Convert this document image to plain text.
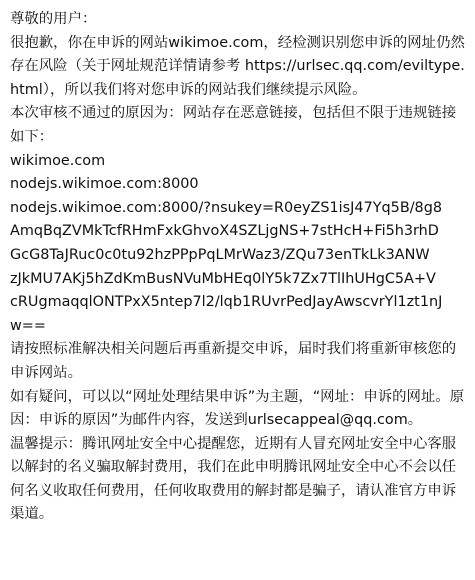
尊敬的用户：

很抱歉，你在申诉的网站wikimoe.com，经检测识别您申诉的网址仍然存在风险（关于网址规范详情请参考 https://urlsec.qq.com/eviltype.html），所以我们将对您申诉的网站我们继续提示风险。

本次审核不通过的原因为：网站存在恶意链接，包括但不限于违规链接如下：

wikimoe.com
nodejs.wikimoe.com:8000
nodejs.wikimoe.com:8000/?nsukey=R0eyZS1isJ47Yq5B/8g8
AmqBqZVMkTcfRHmFxkGhvoX4SZLjgNS+7stHcH+Fi5h3rhD
GcG8TaJRuc0c0tu92hzPPpPqLMrWaz3/ZQu73enTkLk3ANW
zJkMU7AKj5hZdKmBusNVuMbHEq0lY5k7Zx7TlIhUHgC5A+V
cRUgmaqqlONTPxX5ntep7l2/lqb1RUvrPedJayAwscvrYl1zt1nJ
w==

请按照标准解决相关问题后再重新提交申诉，届时我们将重新审核您的申诉网站。

如有疑问，可以以“网址处理结果申诉”为主题，“网址：申诉的网址。原因：申诉的原因”为邮件内容，发送到urlsecappeal@qq.com。

温馨提示：腾讯网址安全中心提醒您，近期有人冒充网址安全中心客服以解封的名义骗取解封费用，我们在此申明腾讯网址安全中心不会以任何名义收取任何费用，任何收取费用的解封都是骗子，请认准官方申诉渠道。
